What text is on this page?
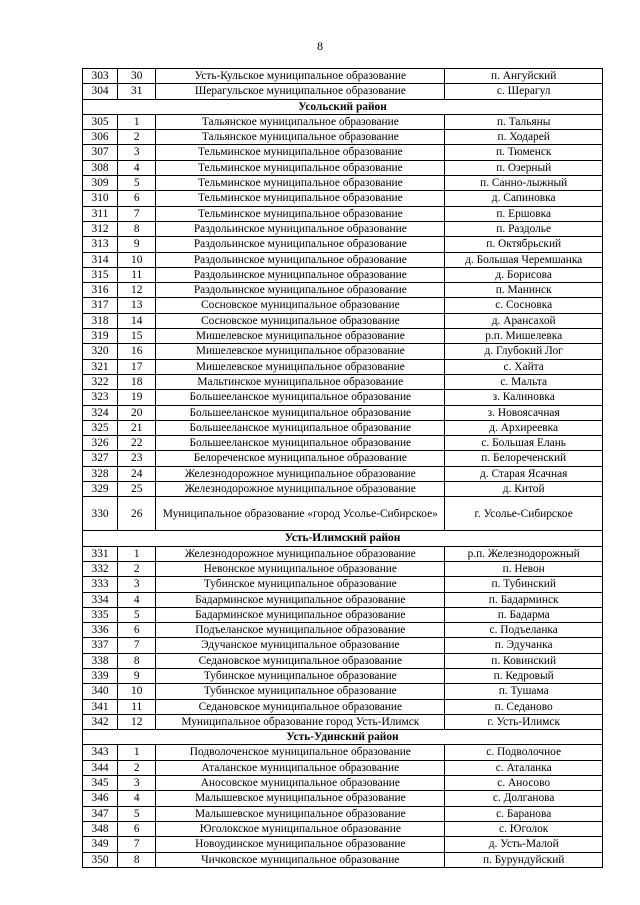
8
303	30	Усть-Кульское муниципальное образование	п. Ангуйский
304	31	Шерагульское муниципальное образование	с. Шерагул
Усольский район			
305	1	Тальянское муниципальное образование	п. Тальяны
306	2	Тальянское муниципальное образование	п. Ходарей
307	3	Тельминское муниципальное образование	п. Тюменск
308	4	Тельминское муниципальное образование	п. Озерный
309	5	Тельминское муниципальное образование	п. Санно-лыжный
310	6	Тельминское муниципальное образование	д. Сапиновка
311	7	Тельминское муниципальное образование	п. Ершовка
312	8	Раздольинское муниципальное образование	п. Раздолье
313	9	Раздольинское муниципальное образование	п. Октябрьский
314	10	Раздольинское муниципальное образование	д. Большая Черемшанка
315	11	Раздольинское муниципальное образование	д. Борисова
316	12	Раздольинское муниципальное образование	п. Манинск
317	13	Сосновское муниципальное образование	с. Сосновка
318	14	Сосновское муниципальное образование	д. Арансахой
319	15	Мишелевское муниципальное образование	р.п. Мишелевка
320	16	Мишелевское муниципальное образование	д. Глубокий Лог
321	17	Мишелевское муниципальное образование	с. Хайта
322	18	Мальтинское муниципальное образование	с. Мальта
323	19	Большееланское муниципальное образование	з. Калиновка
324	20	Большееланское муниципальное образование	з. Новоясачная
325	21	Большееланское муниципальное образование	д. Архиреевка
326	22	Большееланское муниципальное образование	с. Большая Елань
327	23	Белореченское муниципальное образование	п. Белореченский
328	24	Железнодорожное муниципальное образование	д. Старая Ясачная
329	25	Железнодорожное муниципальное образование	д. Китой
330	26	Муниципальное образование «город Усолье-Сибирское»	г. Усолье-Сибирское
Усть-Илимский район			
331	1	Железнодорожное муниципальное образование	р.п. Железнодорожный
332	2	Невонское муниципальное образование	п. Невон
333	3	Тубинское муниципальное образование	п. Тубинский
334	4	Бадарминское муниципальное образование	п. Бадарминск
335	5	Бадарминское муниципальное образование	п. Бадарма
336	6	Подъеланское муниципальное образование	с. Подъеланка
337	7	Эдучанское муниципальное образование	п. Эдучанка
338	8	Седановское муниципальное образование	п. Ковинский
339	9	Тубинское муниципальное образование	п. Кедровый
340	10	Тубинское муниципальное образование	п. Тушама
341	11	Седановское муниципальное образование	п. Седаново
342	12	Муниципальное образование город Усть-Илимск	г. Усть-Илимск
Усть-Удинский район			
343	1	Подволоченское муниципальное образование	с. Подволочное
344	2	Аталанское муниципальное образование	с. Аталанка
345	3	Аносовское муниципальное образование	с. Аносово
346	4	Малышевское муниципальное образование	с. Долганова
347	5	Малышевское муниципальное образование	с. Баранова
348	6	Юголокское муниципальное образование	с. Юголок
349	7	Новоудинское муниципальное образование	д. Усть-Малой
350	8	Чичковское муниципальное образование	п. Бурундуйский
